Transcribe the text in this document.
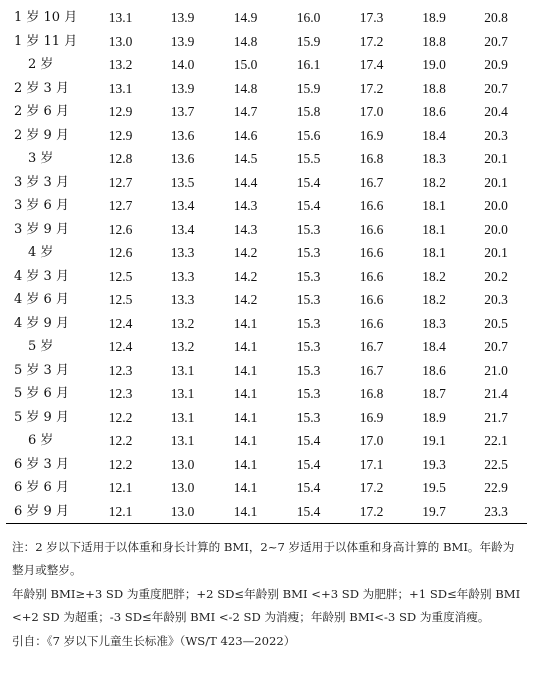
1 岁 10 月	13.1	13.9	14.9	16.0	17.3	18.9	20.8
1 岁 11 月	13.0	13.9	14.8	15.9	17.2	18.8	20.7
2 岁	13.2	14.0	15.0	16.1	17.4	19.0	20.9
2 岁 3 月	13.1	13.9	14.8	15.9	17.2	18.8	20.7
2 岁 6 月	12.9	13.7	14.7	15.8	17.0	18.6	20.4
2 岁 9 月	12.9	13.6	14.6	15.6	16.9	18.4	20.3
3 岁	12.8	13.6	14.5	15.5	16.8	18.3	20.1
3 岁 3 月	12.7	13.5	14.4	15.4	16.7	18.2	20.1
3 岁 6 月	12.7	13.4	14.3	15.4	16.6	18.1	20.0
3 岁 9 月	12.6	13.4	14.3	15.3	16.6	18.1	20.0
4 岁	12.6	13.3	14.2	15.3	16.6	18.1	20.1
4 岁 3 月	12.5	13.3	14.2	15.3	16.6	18.2	20.2
4 岁 6 月	12.5	13.3	14.2	15.3	16.6	18.2	20.3
4 岁 9 月	12.4	13.2	14.1	15.3	16.6	18.3	20.5
5 岁	12.4	13.2	14.1	15.3	16.7	18.4	20.7
5 岁 3 月	12.3	13.1	14.1	15.3	16.7	18.6	21.0
5 岁 6 月	12.3	13.1	14.1	15.3	16.8	18.7	21.4
5 岁 9 月	12.2	13.1	14.1	15.3	16.9	18.9	21.7
6 岁	12.2	13.1	14.1	15.4	17.0	19.1	22.1
6 岁 3 月	12.2	13.0	14.1	15.4	17.1	19.3	22.5
6 岁 6 月	12.1	13.0	14.1	15.4	17.2	19.5	22.9
6 岁 9 月	12.1	13.0	14.1	15.4	17.2	19.7	23.3

注：2 岁以下适用于以体重和身长计算的 BMI，2~7 岁适用于以体重和身高计算的 BMI。年龄为整月或整岁。

年龄别 BMI≥+3 SD 为重度肥胖；+2 SD≤年龄别 BMI <+3 SD 为肥胖；+1 SD≤年龄别 BMI <+2 SD 为超重；-3 SD≤年龄别 BMI <-2 SD 为消瘦；年龄别 BMI<-3 SD 为重度消瘦。

引自：《7 岁以下儿童生长标准》（WS/T 423—2022）
